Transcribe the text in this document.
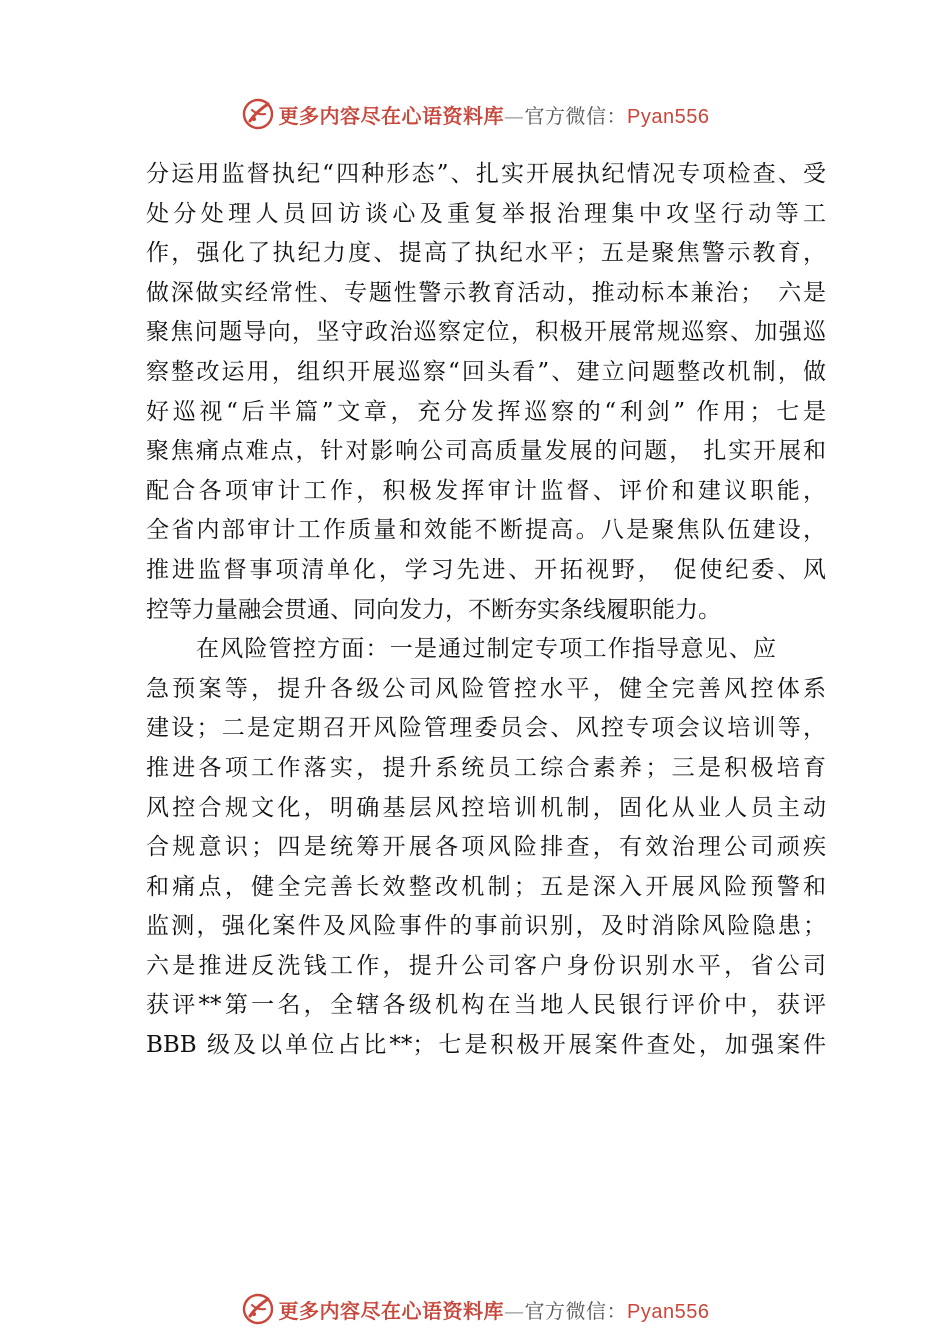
更多内容尽在心语资料库—官方微信：Pyan556
分运用监督执纪“四种形态”、扎实开展执纪情况专项检查、受
处分处理人员回访谈心及重复举报治理集中攻坚行动等工
作，强化了执纪力度、提高了执纪水平；五是聚焦警示教育，
做深做实经常性、专题性警示教育活动，推动标本兼治；　六是
聚焦问题导向，坚守政治巡察定位，积极开展常规巡察、加强巡
察整改运用，组织开展巡察“回头看”、建立问题整改机制，做
好巡视“后半篇”文章，充分发挥巡察的“利剑” 作用；七是
聚焦痛点难点，针对影响公司高质量发展的问题， 扎实开展和
配合各项审计工作，积极发挥审计监督、评价和建议职能，
全省内部审计工作质量和效能不断提高。八是聚焦队伍建设，
推进监督事项清单化，学习先进、开拓视野， 促使纪委、风
控等力量融会贯通、同向发力，不断夯实条线履职能力。
在风险管控方面：一是通过制定专项工作指导意见、应
急预案等，提升各级公司风险管控水平，健全完善风控体系
建设；二是定期召开风险管理委员会、风控专项会议培训等，
推进各项工作落实，提升系统员工综合素养；三是积极培育
风控合规文化，明确基层风控培训机制，固化从业人员主动
合规意识；四是统筹开展各项风险排查，有效治理公司顽疾
和痛点，健全完善长效整改机制；五是深入开展风险预警和
监测，强化案件及风险事件的事前识别，及时消除风险隐患；
六是推进反洗钱工作，提升公司客户身份识别水平，省公司
获评**第一名，全辖各级机构在当地人民银行评价中，获评
BBB 级及以单位占比**；七是积极开展案件查处，加强案件
更多内容尽在心语资料库—官方微信：Pyan556
